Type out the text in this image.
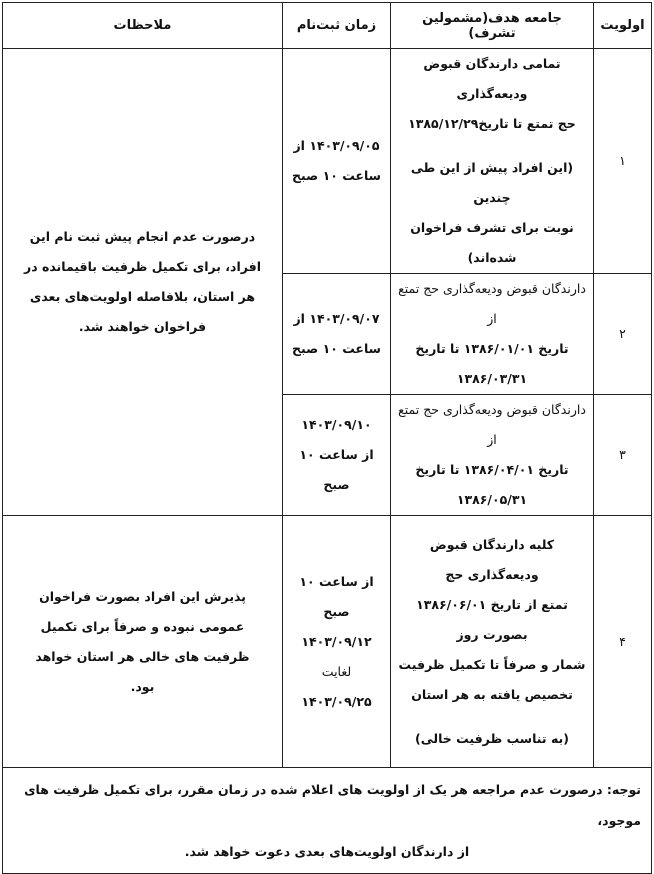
اولویت	جامعه هدف(مشمولین تشرف)	زمان ثبت‌نام	ملاحظات
۱	تمامی دارندگان قبوض ودیعه‌گذاری
حج تمتع تا تاریخ۱۳۸۵/۱۲/۲۹
(این افراد پیش از این طی چندین
نوبت برای تشرف فراخوان شده‌اند)	۱۴۰۳/۰۹/۰۵ از
ساعت ۱۰ صبح	درصورت عدم انجام پیش ثبت نام این
افراد، برای تکمیل ظرفیت باقیمانده در
هر استان، بلافاصله اولویت‌های بعدی
فراخوان خواهند شد.

۲	دارندگان قبوض ودیعه‌گذاری حج تمتع از
تاریخ ۱۳۸۶/۰۱/۰۱ تا تاریخ
۱۳۸۶/۰۳/۳۱	۱۴۰۳/۰۹/۰۷ از
ساعت ۱۰ صبح	

۳	دارندگان قبوض ودیعه‌گذاری حج تمتع از
تاریخ ۱۳۸۶/۰۴/۰۱ تا تاریخ
۱۳۸۶/۰۵/۳۱	۱۴۰۳/۰۹/۱۰
از ساعت ۱۰
صبح	

۴	کلیه دارندگان قبوض ودیعه‌گذاری حج
تمتع از تاریخ ۱۳۸۶/۰۶/۰۱ بصورت روز
شمار و صرفاً تا تکمیل ظرفیت
تخصیص یافته به هر استان
(به تناسب ظرفیت خالی)	از ساعت ۱۰
صبح
۱۴۰۳/۰۹/۱۲
لغایت
۱۴۰۳/۰۹/۲۵	پذیرش این افراد بصورت فراخوان
عمومی نبوده و صرفاً برای تکمیل
ظرفیت های خالی هر استان خواهد
بود.

توجه: درصورت عدم مراجعه هر یک از اولویت های اعلام شده در زمان مقرر، برای تکمیل ظرفیت های موجود،
از دارندگان اولویت‌های بعدی دعوت خواهد شد.			
